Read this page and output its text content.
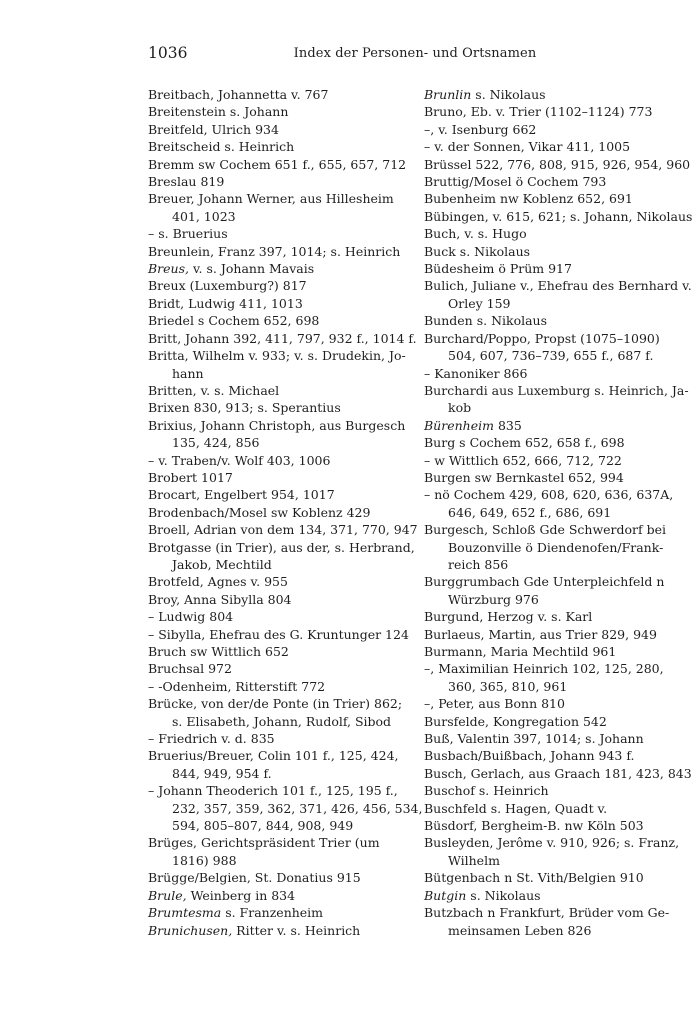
1036	Index der Personen- und Ortsnamen

Breitbach, Johannetta v. 767

Breitenstein s. Johann

Breitfeld, Ulrich 934

Breitscheid s. Heinrich

Bremm sw Cochem 651 f., 655, 657, 712

Breslau 819

Breuer, Johann Werner, aus Hillesheim
401, 1023

– s. Bruerius

Breunlein, Franz 397, 1014; s. Heinrich

Breus, v. s. Johann Mavais

Breux (Luxemburg?) 817

Bridt, Ludwig 411, 1013

Briedel s Cochem 652, 698

Britt, Johann 392, 411, 797, 932 f., 1014 f.

Britta, Wilhelm v. 933; v. s. Drudekin, Jo-
hann

Britten, v. s. Michael

Brixen 830, 913; s. Sperantius

Brixius, Johann Christoph, aus Burgesch
135, 424, 856

– v. Traben/v. Wolf 403, 1006

Brobert 1017

Brocart, Engelbert 954, 1017

Brodenbach/Mosel sw Koblenz 429

Broell, Adrian von dem 134, 371, 770, 947

Brotgasse (in Trier), aus der, s. Herbrand,
Jakob, Mechtild

Brotfeld, Agnes v. 955

Broy, Anna Sibylla 804

– Ludwig 804

– Sibylla, Ehefrau des G. Kruntunger 124

Bruch sw Wittlich 652

Bruchsal 972

– -Odenheim, Ritterstift 772

Brücke, von der/de Ponte (in Trier) 862;
s. Elisabeth, Johann, Rudolf, Sibod

– Friedrich v. d. 835

Bruerius/Breuer, Colin 101 f., 125, 424,
844, 949, 954 f.

– Johann Theoderich 101 f., 125, 195 f.,
232, 357, 359, 362, 371, 426, 456, 534,
594, 805–807, 844, 908, 949

Brüges, Gerichtspräsident Trier (um
1816) 988

Brügge/Belgien, St. Donatius 915

Brule, Weinberg in 834

Brumtesma s. Franzenheim

Brunichusen, Ritter v. s. Heinrich

Brunlin s. Nikolaus

Bruno, Eb. v. Trier (1102–1124) 773

–, v. Isenburg 662

– v. der Sonnen, Vikar 411, 1005

Brüssel 522, 776, 808, 915, 926, 954, 960

Bruttig/Mosel ö Cochem 793

Bubenheim nw Koblenz 652, 691

Bübingen, v. 615, 621; s. Johann, Nikolaus

Buch, v. s. Hugo

Buck s. Nikolaus

Büdesheim ö Prüm 917

Bulich, Juliane v., Ehefrau des Bernhard v.
Orley 159

Bunden s. Nikolaus

Burchard/Poppo, Propst (1075–1090)
504, 607, 736–739, 655 f., 687 f.

– Kanoniker 866

Burchardi aus Luxemburg s. Heinrich, Ja-
kob

Bürenheim 835

Burg s Cochem 652, 658 f., 698

– w Wittlich 652, 666, 712, 722

Burgen sw Bernkastel 652, 994

– nö Cochem 429, 608, 620, 636, 637A,
646, 649, 652 f., 686, 691

Burgesch, Schloß Gde Schwerdorf bei
Bouzonville ö Diendenofen/Frank-
reich 856

Burggrumbach Gde Unterpleichfeld n
Würzburg 976

Burgund, Herzog v. s. Karl

Burlaeus, Martin, aus Trier 829, 949

Burmann, Maria Mechtild 961

–, Maximilian Heinrich 102, 125, 280,
360, 365, 810, 961

–, Peter, aus Bonn 810

Bursfelde, Kongregation 542

Buß, Valentin 397, 1014; s. Johann

Busbach/Buißbach, Johann 943 f.

Busch, Gerlach, aus Graach 181, 423, 843

Buschof s. Heinrich

Buschfeld s. Hagen, Quadt v.

Büsdorf, Bergheim-B. nw Köln 503

Busleyden, Jerôme v. 910, 926; s. Franz,
Wilhelm

Bütgenbach n St. Vith/Belgien 910

Butgin s. Nikolaus

Butzbach n Frankfurt, Brüder vom Ge-
meinsamen Leben 826
